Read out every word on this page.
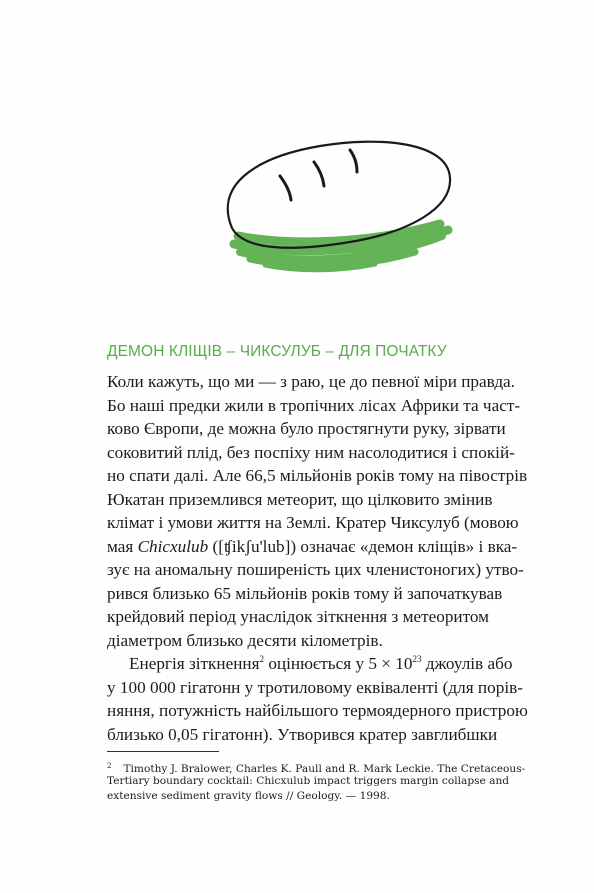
ДЕМОН КЛІЩІВ – ЧИКСУЛУБ – ДЛЯ ПОЧАТКУ
Коли кажуть, що ми — з раю, це до певної міри правда.
Бо наші предки жили в тропічних лісах Африки та част-
ково Європи, де можна було простягнути руку, зірвати
соковитий плід, без поспіху ним насолодитися і спокій-
но спати далі. Але 66,5 мільйонів років тому на півострів
Юкатан приземлився метеорит, що цілковито змінив
клімат і умови життя на Землі. Кратер Чиксулуб (мовою
мая Chicxulub ([ʧikʃu'lub]) означає «демон кліщів» і вка-
зує на аномальну поширеність цих членистоногих) утво-
рився близько 65 мільйонів років тому й започаткував
крейдовий період унаслідок зіткнення з метеоритом
діаметром близько десяти кілометрів.
Енергія зіткнення$^2$ оцінюється у $5 \times 10^{23}$ джоулів або
у 100 000 гігатонн у тротиловому еквіваленті (для порів-
няння, потужність найбільшого термоядерного пристрою
близько 0,05 гігатонн). Утворився кратер завглибшки
$^2$ Timothy J. Bralower, Charles K. Paull and R. Mark Leckie. The Cretaceous-
Tertiary boundary cocktail: Chicxulub impact triggers margin collapse and
extensive sediment gravity flows // Geology. — 1998.
